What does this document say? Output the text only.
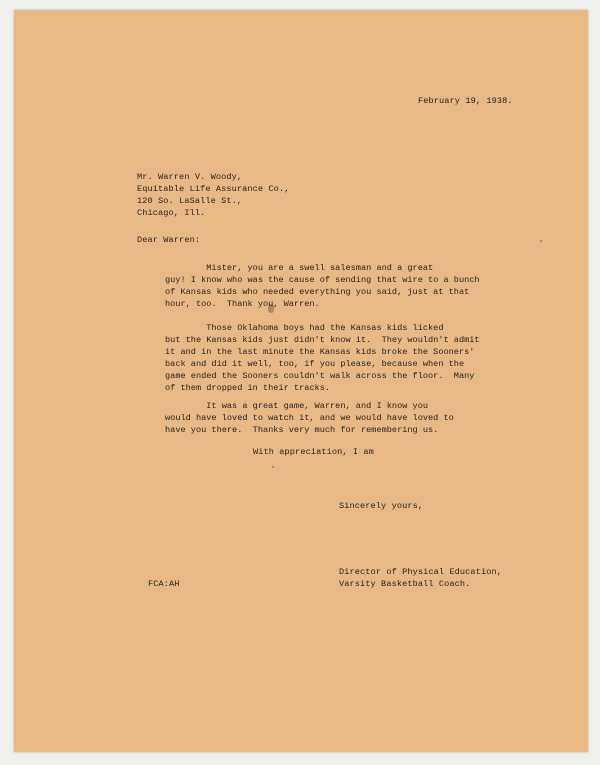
February 19, 1938.
Mr. Warren V. Woody,
Equitable Life Assurance Co.,
120 So. LaSalle St.,
Chicago, Ill.
Dear Warren:
Mister, you are a swell salesman and a great
guy! I know who was the cause of sending that wire to a bunch
of Kansas kids who needed everything you said, just at that
hour, too.  Thank you, Warren.
Those Oklahoma boys had the Kansas kids licked
but the Kansas kids just didn't know it.  They wouldn't admit
it and in the last minute the Kansas kids broke the Sooners'
back and did it well, too, if you please, because when the
game ended the Sooners couldn't walk across the floor.  Many
of them dropped in their tracks.
It was a great game, Warren, and I know you
would have loved to watch it, and we would have loved to
have you there.  Thanks very much for remembering us.
With appreciation, I am
Sincerely yours,
Director of Physical Education,
Varsity Basketball Coach.
FCA:AH
